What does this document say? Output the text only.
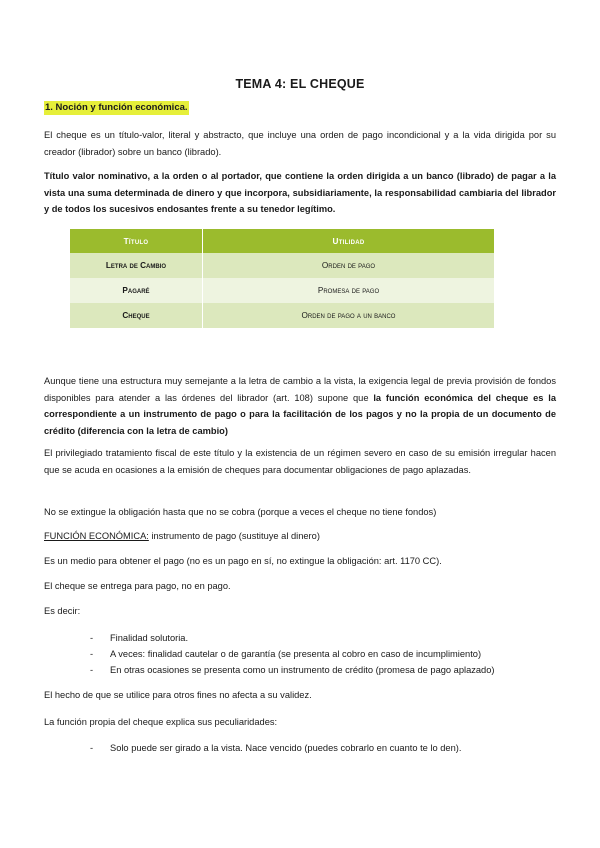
TEMA 4: EL CHEQUE
1. Noción y función económica.
El cheque es un título-valor, literal y abstracto, que incluye una orden de pago incondicional y a la vida dirigida por su creador (librador) sobre un banco (librado).
Título valor nominativo, a la orden o al portador, que contiene la orden dirigida a un banco (librado) de pagar a la vista una suma determinada de dinero y que incorpora, subsidiariamente, la responsabilidad cambiaria del librador y de todos los sucesivos endosantes frente a su tenedor legítimo.
Título	Utilidad
Letra de Cambio	Orden de pago
Pagaré	Promesa de pago
Cheque	Orden de pago a un banco
Aunque tiene una estructura muy semejante a la letra de cambio a la vista, la exigencia legal de previa provisión de fondos disponibles para atender a las órdenes del librador (art. 108) supone que la función económica del cheque es la correspondiente a un instrumento de pago o para la facilitación de los pagos y no la propia de un documento de crédito (diferencia con la letra de cambio)
El privilegiado tratamiento fiscal de este título y la existencia de un régimen severo en caso de su emisión irregular hacen que se acuda en ocasiones a la emisión de cheques para documentar obligaciones de pago aplazadas.
No se extingue la obligación hasta que no se cobra (porque a veces el cheque no tiene fondos)
FUNCIÓN ECONÓMICA: instrumento de pago (sustituye al dinero)
Es un medio para obtener el pago (no es un pago en sí, no extingue la obligación: art. 1170 CC).
El cheque se entrega para pago, no en pago.
Es decir:
- Finalidad solutoria.
- A veces: finalidad cautelar o de garantía (se presenta al cobro en caso de incumplimiento)
- En otras ocasiones se presenta como un instrumento de crédito (promesa de pago aplazado)
El hecho de que se utilice para otros fines no afecta a su validez.
La función propia del cheque explica sus peculiaridades:
- Solo puede ser girado a la vista. Nace vencido (puedes cobrarlo en cuanto te lo den).
